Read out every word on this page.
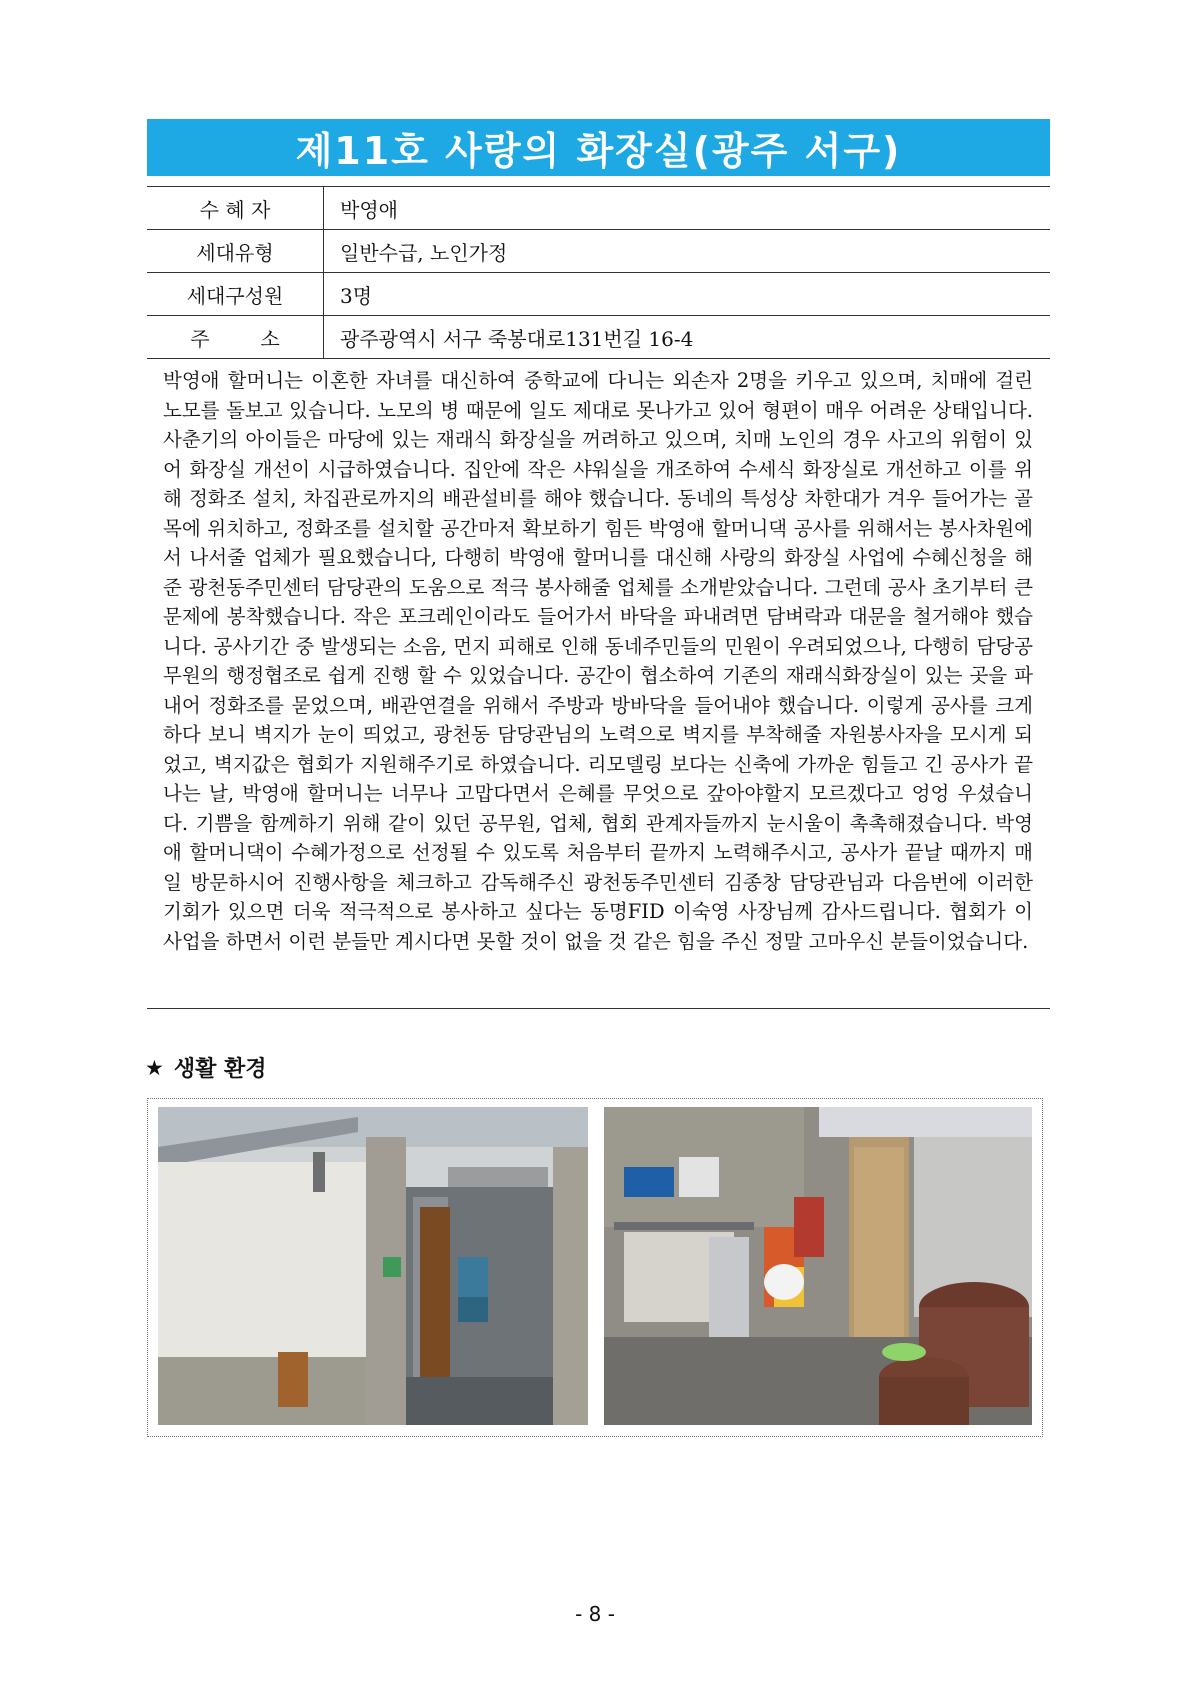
제11호 사랑의 화장실(광주 서구)
수 혜 자	박영애
세대유형	일반수급, 노인가정
세대구성원	3명
주        소	광주광역시 서구 죽봉대로131번길 16-4

박영애 할머니는 이혼한 자녀를 대신하여 중학교에 다니는 외손자 2명을 키우고 있으며, 치매에 걸린 노모를 돌보고 있습니다. 노모의 병 때문에 일도 제대로 못나가고 있어 형편이 매우 어려운 상태입니다. 사춘기의 아이들은 마당에 있는 재래식 화장실을 꺼려하고 있으며, 치매 노인의 경우 사고의 위험이 있어 화장실 개선이 시급하였습니다. 집안에 작은 샤워실을 개조하여 수세식 화장실로 개선하고 이를 위해 정화조 설치, 차집관로까지의 배관설비를 해야 했습니다. 동네의 특성상 차한대가 겨우 들어가는 골목에 위치하고, 정화조를 설치할 공간마저 확보하기 힘든 박영애 할머니댁 공사를 위해서는 봉사차원에서 나서줄 업체가 필요했습니다, 다행히 박영애 할머니를 대신해 사랑의 화장실 사업에 수혜신청을 해준 광천동주민센터 담당관의 도움으로 적극 봉사해줄 업체를 소개받았습니다. 그런데 공사 초기부터 큰 문제에 봉착했습니다. 작은 포크레인이라도 들어가서 바닥을 파내려면 담벼락과 대문을 철거해야 했습니다. 공사기간 중 발생되는 소음, 먼지 피해로 인해 동네주민들의 민원이 우려되었으나, 다행히 담당공무원의 행정협조로 쉽게 진행 할 수 있었습니다. 공간이 협소하여 기존의 재래식화장실이 있는 곳을 파내어 정화조를 묻었으며, 배관연결을 위해서 주방과 방바닥을 들어내야 했습니다. 이렇게 공사를 크게 하다 보니 벽지가 눈이 띄었고, 광천동 담당관님의 노력으로 벽지를 부착해줄 자원봉사자을 모시게 되었고, 벽지값은 협회가 지원해주기로 하였습니다. 리모델링 보다는 신축에 가까운 힘들고 긴 공사가 끝나는 날, 박영애 할머니는 너무나 고맙다면서 은혜를 무엇으로 갚아야할지 모르겠다고 엉엉 우셨습니다. 기쁨을 함께하기 위해 같이 있던 공무원, 업체, 협회 관계자들까지 눈시울이 촉촉해졌습니다. 박영애 할머니댁이 수혜가정으로 선정될 수 있도록 처음부터 끝까지 노력해주시고, 공사가 끝날 때까지 매일 방문하시어 진행사항을 체크하고 감독해주신 광천동주민센터 김종창 담당관님과 다음번에 이러한 기회가 있으면 더욱 적극적으로 봉사하고 싶다는 동명FID 이숙영 사장님께 감사드립니다. 협회가 이 사업을 하면서 이런 분들만 계시다면 못할 것이 없을 것 같은 힘을 주신 정말 고마우신 분들이었습니다.

★ 생활 환경
- 8 -
